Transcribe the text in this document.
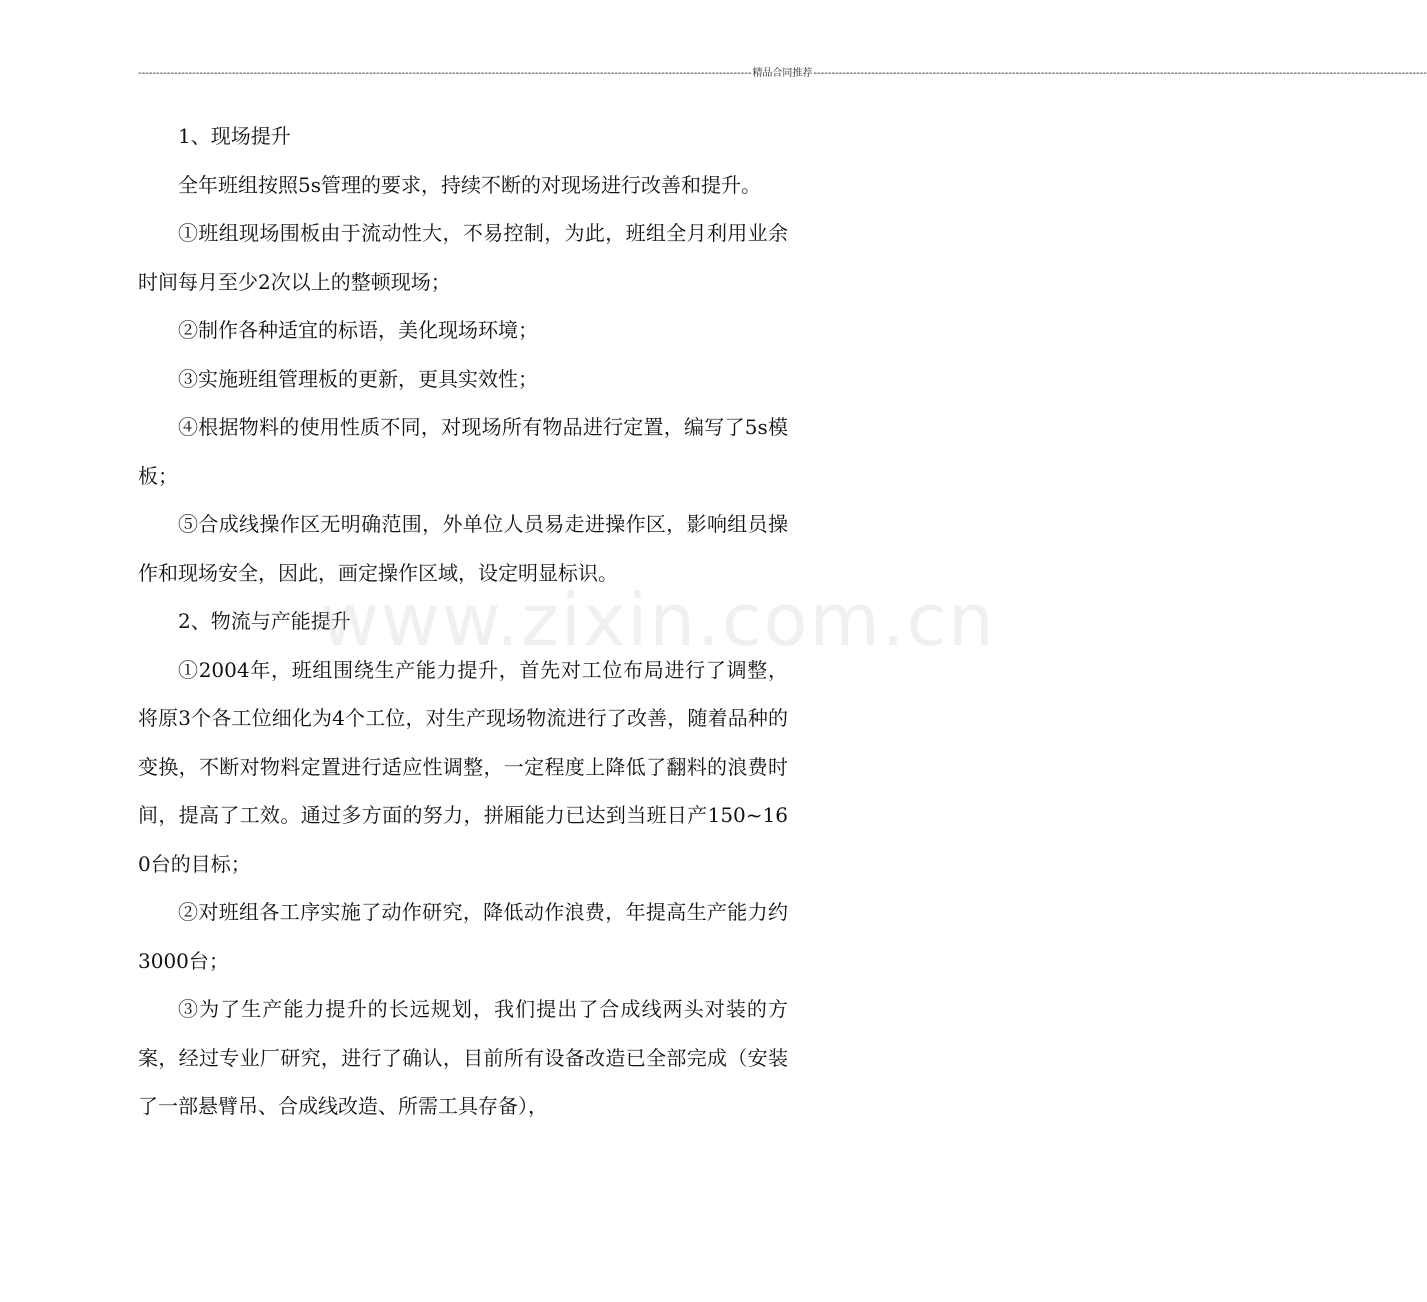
-----
精品合同推荐
-----

1、现场提升

全年班组按照5s管理的要求，持续不断的对现场进行改善和提升。

①班组现场围板由于流动性大，不易控制，为此，班组全月利用业余时间每月至少2次以上的整顿现场；

②制作各种适宜的标语，美化现场环境；

③实施班组管理板的更新，更具实效性；

④根据物料的使用性质不同，对现场所有物品进行定置，编写了5s模板；

⑤合成线操作区无明确范围，外单位人员易走进操作区，影响组员操作和现场安全，因此，画定操作区域，设定明显标识。

2、物流与产能提升

①2004年，班组围绕生产能力提升，首先对工位布局进行了调整，将原3个各工位细化为4个工位，对生产现场物流进行了改善，随着品种的变换，不断对物料定置进行适应性调整，一定程度上降低了翻料的浪费时间，提高了工效。通过多方面的努力，拼厢能力已达到当班日产150~160台的目标；

②对班组各工序实施了动作研究，降低动作浪费，年提高生产能力约3000台；

③为了生产能力提升的长远规划，我们提出了合成线两头对装的方案，经过专业厂研究，进行了确认，目前所有设备改造已全部完成（安装了一部悬臂吊、合成线改造、所需工具存备），

www.zixin.com.cn
